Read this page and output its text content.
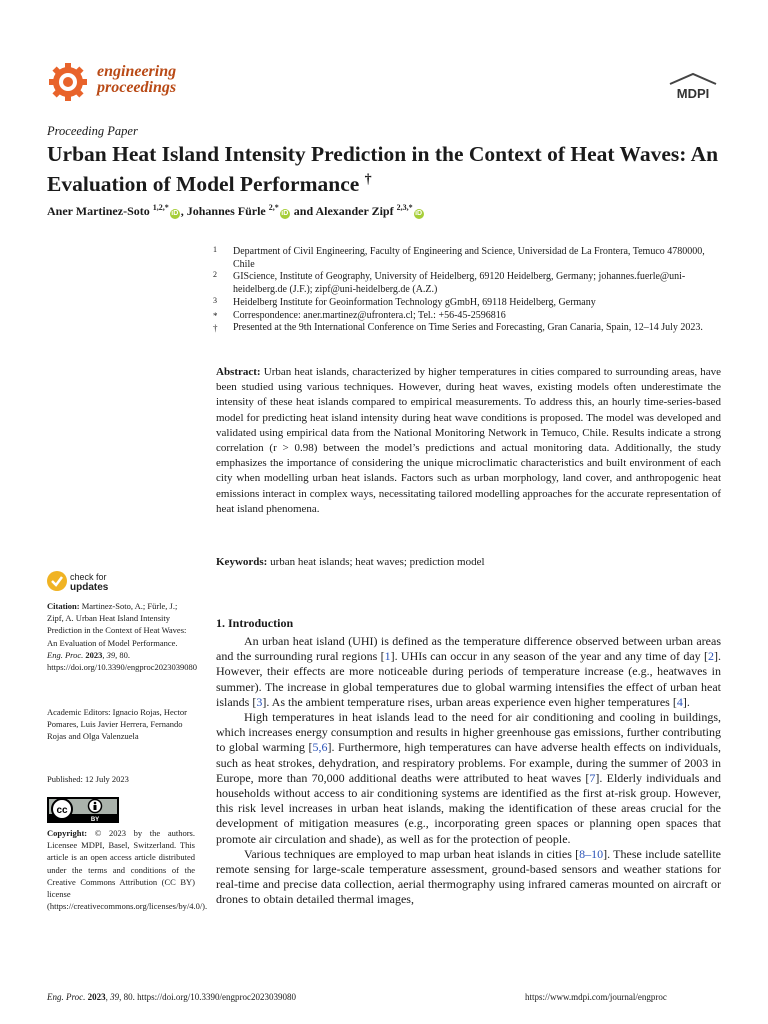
engineering
proceedings	MDPI
Proceeding Paper
Urban Heat Island Intensity Prediction in the Context of Heat Waves: An Evaluation of Model Performance †
Aner Martinez-Soto $^{1,2,*}$iD , Johannes Fürle $^{2,*}$iD and Alexander Zipf $^{2,3,*}$iD
1 Department of Civil Engineering, Faculty of Engineering and Science, Universidad de La Frontera, Temuco 4780000, Chile
2 GIScience, Institute of Geography, University of Heidelberg, 69120 Heidelberg, Germany; johannes.fuerle@uni-heidelberg.de (J.F.); zipf@uni-heidelberg.de (A.Z.)
3 Heidelberg Institute for Geoinformation Technology gGmbH, 69118 Heidelberg, Germany
* Correspondence: aner.martinez@ufrontera.cl; Tel.: +56-45-2596816
† Presented at the 9th International Conference on Time Series and Forecasting, Gran Canaria, Spain, 12–14 July 2023.
Abstract: Urban heat islands, characterized by higher temperatures in cities compared to surrounding areas, have been studied using various techniques. However, during heat waves, existing models often underestimate the intensity of these heat islands compared to empirical measurements. To address this, an hourly time-series-based model for predicting heat island intensity during heat wave conditions is proposed. The model was developed and validated using empirical data from the National Monitoring Network in Temuco, Chile. Results indicate a strong correlation (r > 0.98) between the model’s predictions and actual monitoring data. Additionally, the study emphasizes the importance of considering the unique microclimatic characteristics and built environment of each city when modelling urban heat islands. Factors such as urban morphology, land cover, and anthropogenic heat emissions interact in complex ways, necessitating tailored modelling approaches for the accurate representation of heat island phenomena.
Keywords: urban heat islands; heat waves; prediction model
check for
updates
Citation: Martinez-Soto, A.; Fürle, J.; Zipf, A. Urban Heat Island Intensity Prediction in the Context of Heat Waves: An Evaluation of Model Performance. Eng. Proc. 2023, 39, 80. https://doi.org/10.3390/engproc2023039080
Academic Editors: Ignacio Rojas, Hector Pomares, Luis Javier Herrera, Fernando Rojas and Olga Valenzuela
Published: 12 July 2023
cc
BY
Copyright: © 2023 by the authors. Licensee MDPI, Basel, Switzerland. This article is an open access article distributed under the terms and conditions of the Creative Commons Attribution (CC BY) license (https://creativecommons.org/licenses/by/4.0/).
1. Introduction

An urban heat island (UHI) is defined as the temperature difference observed between urban areas and the surrounding rural regions [1]. UHIs can occur in any season of the year and any time of day [2]. However, their effects are more noticeable during periods of temperature increase (e.g., heatwaves in summer). The increase in global temperatures due to global warming intensifies the effect of urban heat islands [3]. As the ambient temperature rises, urban areas experience even higher temperatures [4].

High temperatures in heat islands lead to the need for air conditioning and cooling in buildings, which increases energy consumption and results in higher greenhouse gas emissions, further contributing to global warming [5,6]. Furthermore, high temperatures can have adverse health effects on individuals, such as heat strokes, dehydration, and respiratory problems. For example, during the summer of 2003 in Europe, more than 70,000 additional deaths were attributed to heat waves [7]. Elderly individuals and households without access to air conditioning systems are identified as the first at-risk group. However, this risk level increases in urban heat islands, making the identification of these areas crucial for the development of mitigation measures (e.g., incorporating green spaces or planning open spaces that promote air circulation and shade), as well as for the protection of people.

Various techniques are employed to map urban heat islands in cities [8–10]. These include satellite remote sensing for large-scale temperature assessment, ground-based sensors and weather stations for real-time and precise data collection, aerial thermography using infrared cameras mounted on aircraft or drones to obtain detailed thermal images,

Eng. Proc. 2023, 39, 80. https://doi.org/10.3390/engproc2023039080	https://www.mdpi.com/journal/engproc
